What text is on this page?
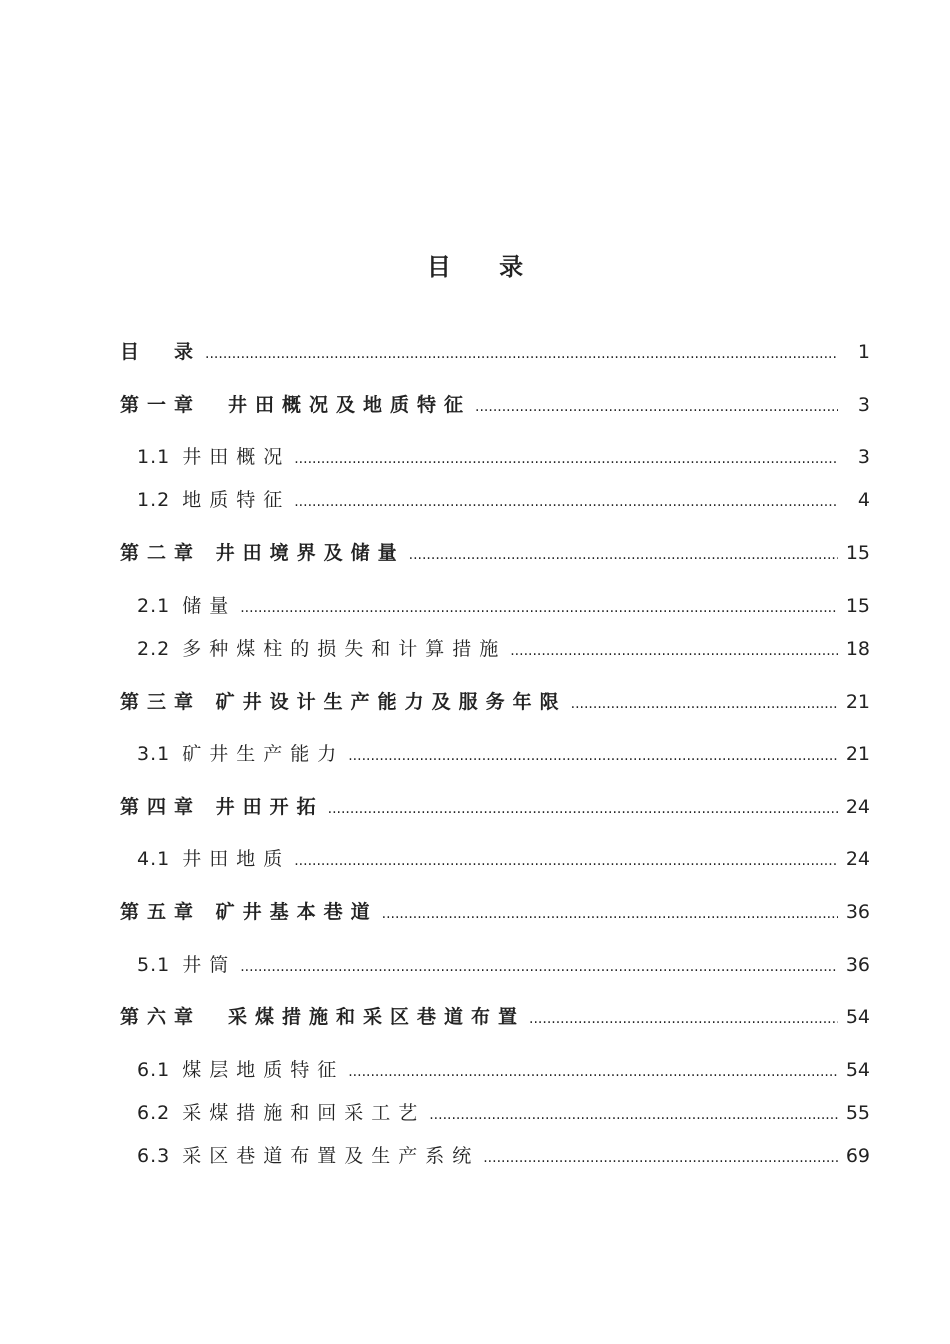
目 录
目　录 .....	1
第一章　井田概况及地质特征 .....	3
1.1 井田概况 .....	3
1.2 地质特征 .....	4
第二章 井田境界及储量 .....	15
2.1 储量 .....	15
2.2 多种煤柱的损失和计算措施 .....	18
第三章 矿井设计生产能力及服务年限 .....	21
3.1 矿井生产能力 .....	21
第四章 井田开拓 .....	24
4.1 井田地质 .....	24
第五章 矿井基本巷道 .....	36
5.1 井筒 .....	36
第六章　采煤措施和采区巷道布置 .....	54
6.1 煤层地质特征 .....	54
6.2 采煤措施和回采工艺 .....	55
6.3 采区巷道布置及生产系统 .....	69
